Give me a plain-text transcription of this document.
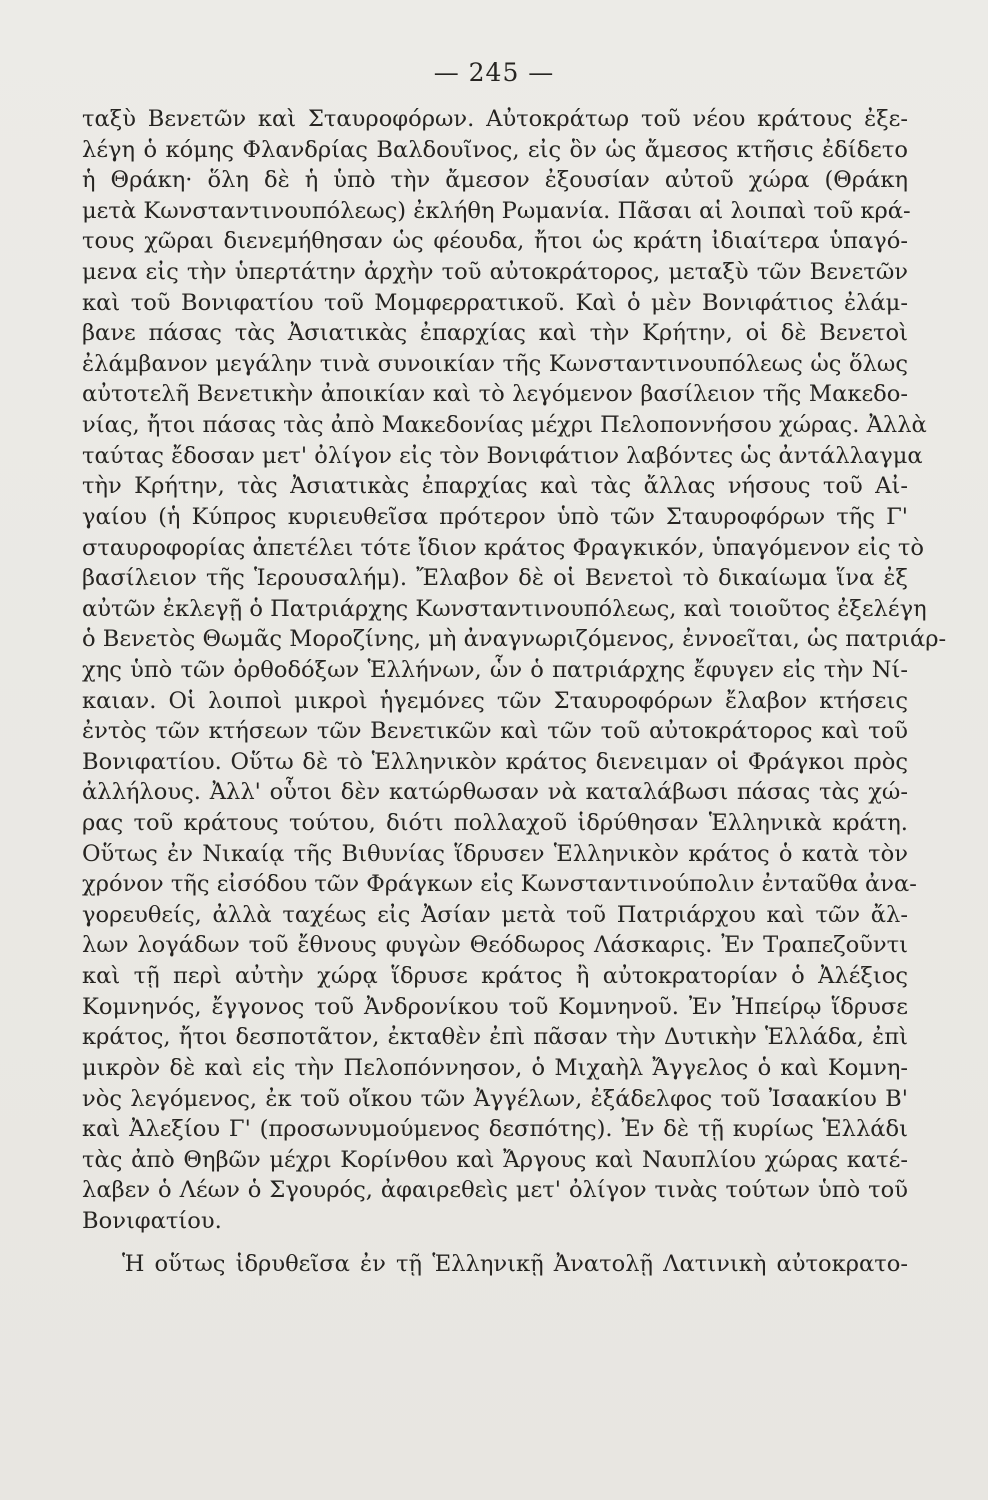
— 245 —
ταξὺ Βενετῶν καὶ Σταυροφόρων. Αὐτοκράτωρ τοῦ νέου κράτους ἐξε-
λέγη ὁ κόμης Φλανδρίας Βαλδουῖνος, εἰς ὃν ὡς ἄμεσος κτῆσις ἐδίδετο
ἡ Θράκη· ὅλη δὲ ἡ ὑπὸ τὴν ἄμεσον ἐξουσίαν αὐτοῦ χώρα (Θράκη
μετὰ Κωνσταντινουπόλεως) ἐκλήθη Ρωμανία. Πᾶσαι αἱ λοιπαὶ τοῦ κρά-
τους χῶραι διενεμήθησαν ὡς φέουδα, ἤτοι ὡς κράτη ἰδιαίτερα ὑπαγό-
μενα εἰς τὴν ὑπερτάτην ἀρχὴν τοῦ αὐτοκράτορος, μεταξὺ τῶν Βενετῶν
καὶ τοῦ Βονιφατίου τοῦ Μομφερρατικοῦ. Καὶ ὁ μὲν Βονιφάτιος ἐλάμ-
βανε πάσας τὰς Ἀσιατικὰς ἐπαρχίας καὶ τὴν Κρήτην, οἱ δὲ Βενετοὶ
ἐλάμβανον μεγάλην τινὰ συνοικίαν τῆς Κωνσταντινουπόλεως ὡς ὅλως
αὐτοτελῆ Βενετικὴν ἀποικίαν καὶ τὸ λεγόμενον βασίλειον τῆς Μακεδο-
νίας, ἤτοι πάσας τὰς ἀπὸ Μακεδονίας μέχρι Πελοποννήσου χώρας. Ἀλλὰ
ταύτας ἔδοσαν μετ' ὀλίγον εἰς τὸν Βονιφάτιον λαβόντες ὡς ἀντάλλαγμα
τὴν Κρήτην, τὰς Ἀσιατικὰς ἐπαρχίας καὶ τὰς ἄλλας νήσους τοῦ Αἰ-
γαίου (ἡ Κύπρος κυριευθεῖσα πρότερον ὑπὸ τῶν Σταυροφόρων τῆς Γ'
σταυροφορίας ἀπετέλει τότε ἴδιον κράτος Φραγκικόν, ὑπαγόμενον εἰς τὸ
βασίλειον τῆς Ἱερουσαλήμ). Ἔλαβον δὲ οἱ Βενετοὶ τὸ δικαίωμα ἵνα ἐξ
αὐτῶν ἐκλεγῇ ὁ Πατριάρχης Κωνσταντινουπόλεως, καὶ τοιοῦτος ἐξελέγη
ὁ Βενετὸς Θωμᾶς Μοροζίνης, μὴ ἀναγνωριζόμενος, ἐννοεῖται, ὡς πατριάρ-
χης ὑπὸ τῶν ὀρθοδόξων Ἑλλήνων, ὧν ὁ πατριάρχης ἔφυγεν εἰς τὴν Νί-
καιαν. Οἱ λοιποὶ μικροὶ ἡγεμόνες τῶν Σταυροφόρων ἔλαβον κτήσεις
ἐντὸς τῶν κτήσεων τῶν Βενετικῶν καὶ τῶν τοῦ αὐτοκράτορος καὶ τοῦ
Βονιφατίου. Οὕτω δὲ τὸ Ἑλληνικὸν κράτος διενειμαν οἱ Φράγκοι πρὸς
ἀλλήλους. Ἀλλ' οὗτοι δὲν κατώρθωσαν νὰ καταλάβωσι πάσας τὰς χώ-
ρας τοῦ κράτους τούτου, διότι πολλαχοῦ ἱδρύθησαν Ἑλληνικὰ κράτη.
Οὕτως ἐν Νικαίᾳ τῆς Βιθυνίας ἵδρυσεν Ἑλληνικὸν κράτος ὁ κατὰ τὸν
χρόνον τῆς εἰσόδου τῶν Φράγκων εἰς Κωνσταντινούπολιν ἐνταῦθα ἀνα-
γορευθείς, ἀλλὰ ταχέως εἰς Ἀσίαν μετὰ τοῦ Πατριάρχου καὶ τῶν ἄλ-
λων λογάδων τοῦ ἔθνους φυγὼν Θεόδωρος Λάσκαρις. Ἐν Τραπεζοῦντι
καὶ τῇ περὶ αὐτὴν χώρᾳ ἵδρυσε κράτος ἢ αὐτοκρατορίαν ὁ Ἀλέξιος
Κομνηνός, ἔγγονος τοῦ Ἀνδρονίκου τοῦ Κομνηνοῦ. Ἐν Ἠπείρῳ ἵδρυσε
κράτος, ἤτοι δεσποτᾶτον, ἐκταθὲν ἐπὶ πᾶσαν τὴν Δυτικὴν Ἑλλάδα, ἐπὶ
μικρὸν δὲ καὶ εἰς τὴν Πελοπόννησον, ὁ Μιχαὴλ Ἄγγελος ὁ καὶ Κομνη-
νὸς λεγόμενος, ἐκ τοῦ οἴκου τῶν Ἀγγέλων, ἐξάδελφος τοῦ Ἰσαακίου Β'
καὶ Ἀλεξίου Γ' (προσωνυμούμενος δεσπότης). Ἐν δὲ τῇ κυρίως Ἑλλάδι
τὰς ἀπὸ Θηβῶν μέχρι Κορίνθου καὶ Ἄργους καὶ Ναυπλίου χώρας κατέ-
λαβεν ὁ Λέων ὁ Σγουρός, ἀφαιρεθεὶς μετ' ὀλίγον τινὰς τούτων ὑπὸ τοῦ
Βονιφατίου.
Ἡ οὕτως ἱδρυθεῖσα ἐν τῇ Ἑλληνικῇ Ἀνατολῇ Λατινικὴ αὐτοκρατο-
